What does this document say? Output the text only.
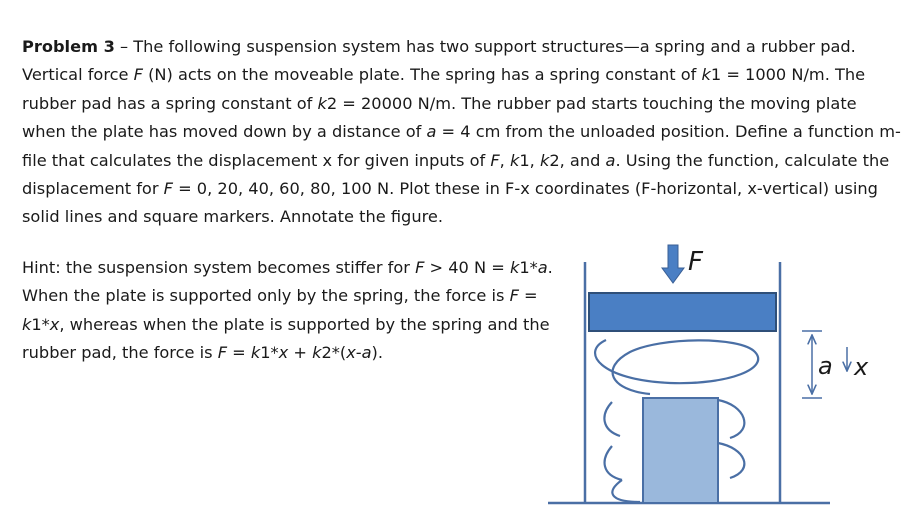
Problem 3 – The following suspension system has two support structures—a spring and a rubber pad. Vertical force F (N) acts on the moveable plate. The spring has a spring constant of k1 = 1000 N/m. The rubber pad has a spring constant of k2 = 20000 N/m. The rubber pad starts touching the moving plate when the plate has moved down by a distance of a = 4 cm from the unloaded position. Define a function m-file that calculates the displacement x for given inputs of F, k1, k2, and a. Using the function, calculate the displacement for F = 0, 20, 40, 60, 80, 100 N. Plot these in F-x coordinates (F-horizontal, x-vertical) using solid lines and square markers. Annotate the figure.

Hint: the suspension system becomes stiffer for F > 40 N = k1*a. When the plate is supported only by the spring, the force is F = k1*x, whereas when the plate is supported by the spring and the rubber pad, the force is F = k1*x + k2*(x-a).

F
a x
